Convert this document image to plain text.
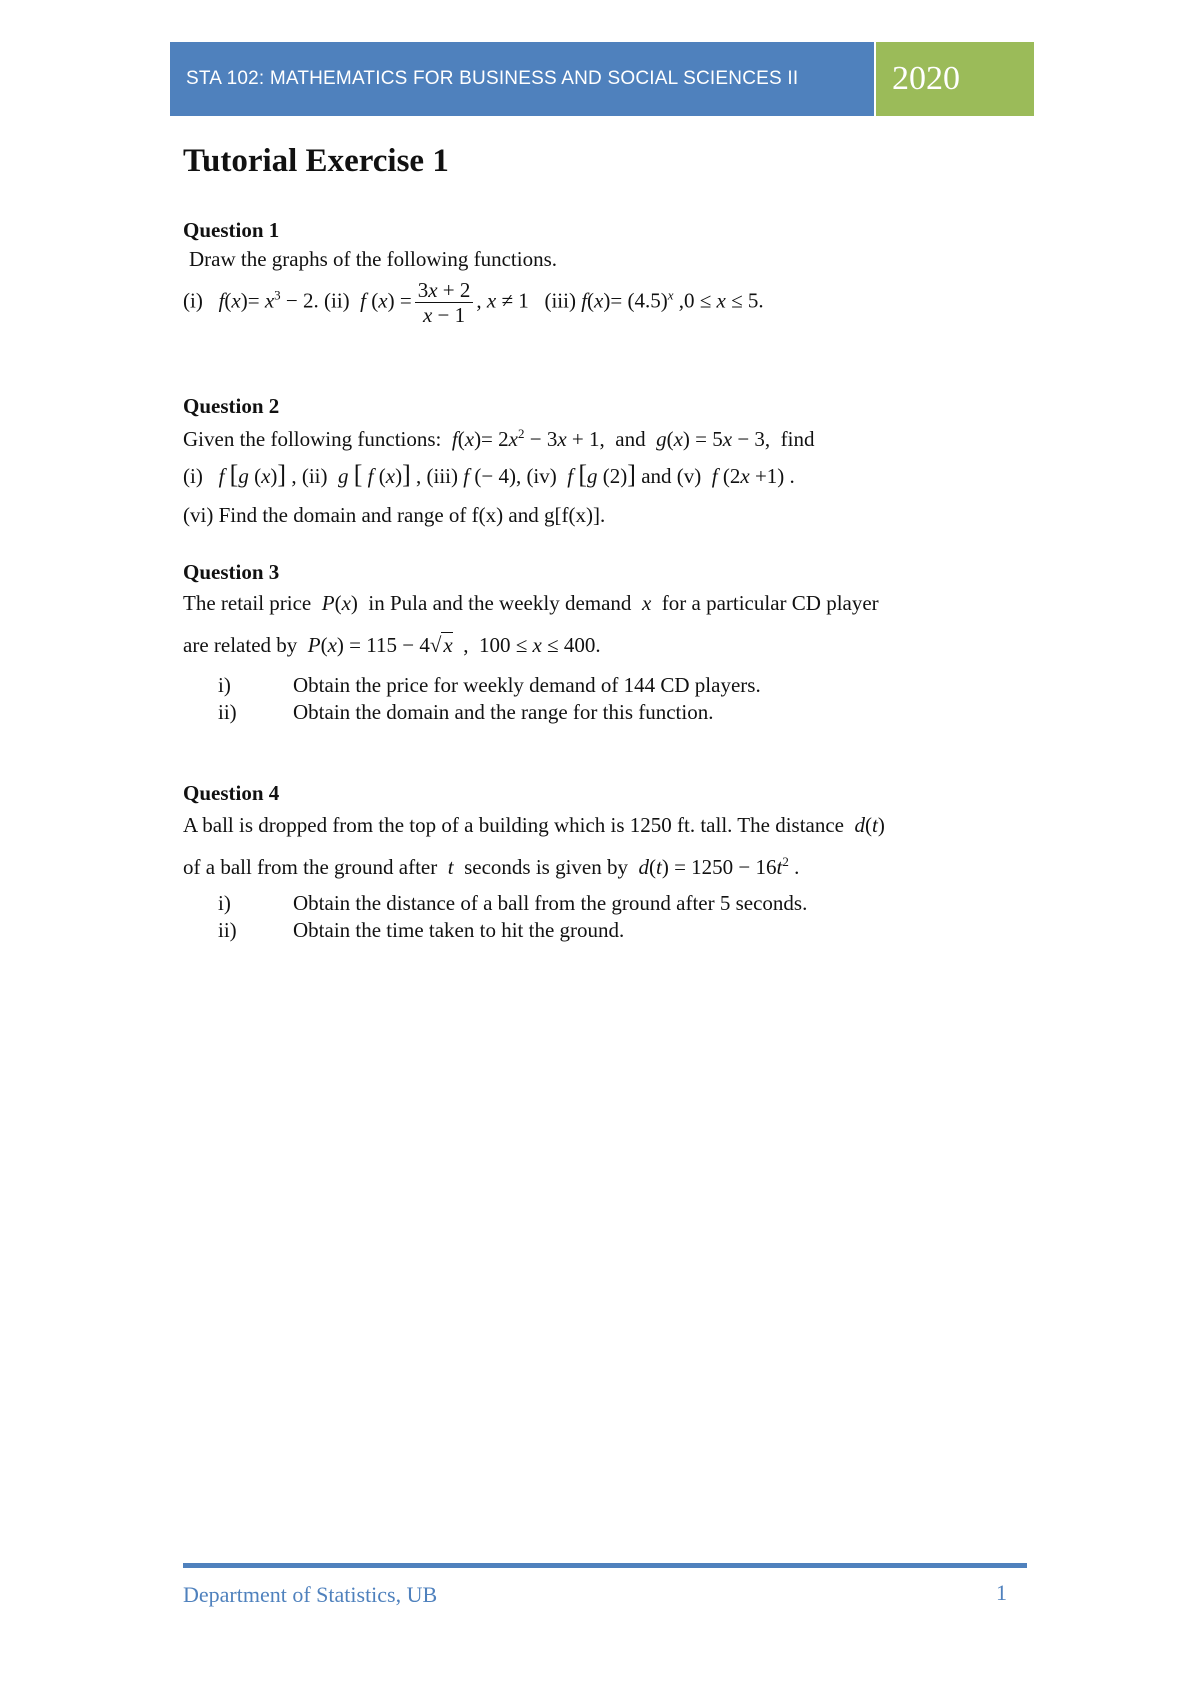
STA 102: MATHEMATICS FOR BUSINESS AND SOCIAL SCIENCES II	2020
Tutorial Exercise 1
Question 1
Draw the graphs of the following functions.
(i)   $f(x)= x^3 - 2$. (ii)  f $(x) = \frac{3x + 2}{x - 1}$ , x ≠ 1   (iii) $f(x)= (4.5)^x$ ,0 ≤ x ≤ 5.
Question 2
Given the following functions:  $f(x)= 2x^2 - 3x + 1$,  and  g(x) = 5x − 3,  find
(i)   f [g (x)] , (ii)  g [ f (x)] , (iii) f (− 4), (iv)  f [g (2)] and (v)  f (2x +1) .
(vi) Find the domain and range of f(x) and g[f(x)].
Question 3
The retail price  P(x)  in Pula and the weekly demand  x  for a particular CD player
are related by  P(x) = 115 − 4√x  ,  100 ≤ x ≤ 400.
i)	Obtain the price for weekly demand of 144 CD players.
ii)	Obtain the domain and the range for this function.
Question 4
A ball is dropped from the top of a building which is 1250 ft. tall. The distance  d(t)
of a ball from the ground after  t  seconds is given by  $d(t) = 1250 - 16t^2$ .
i)	Obtain the distance of a ball from the ground after 5 seconds.
ii)	Obtain the time taken to hit the ground.
Department of Statistics, UB	1
